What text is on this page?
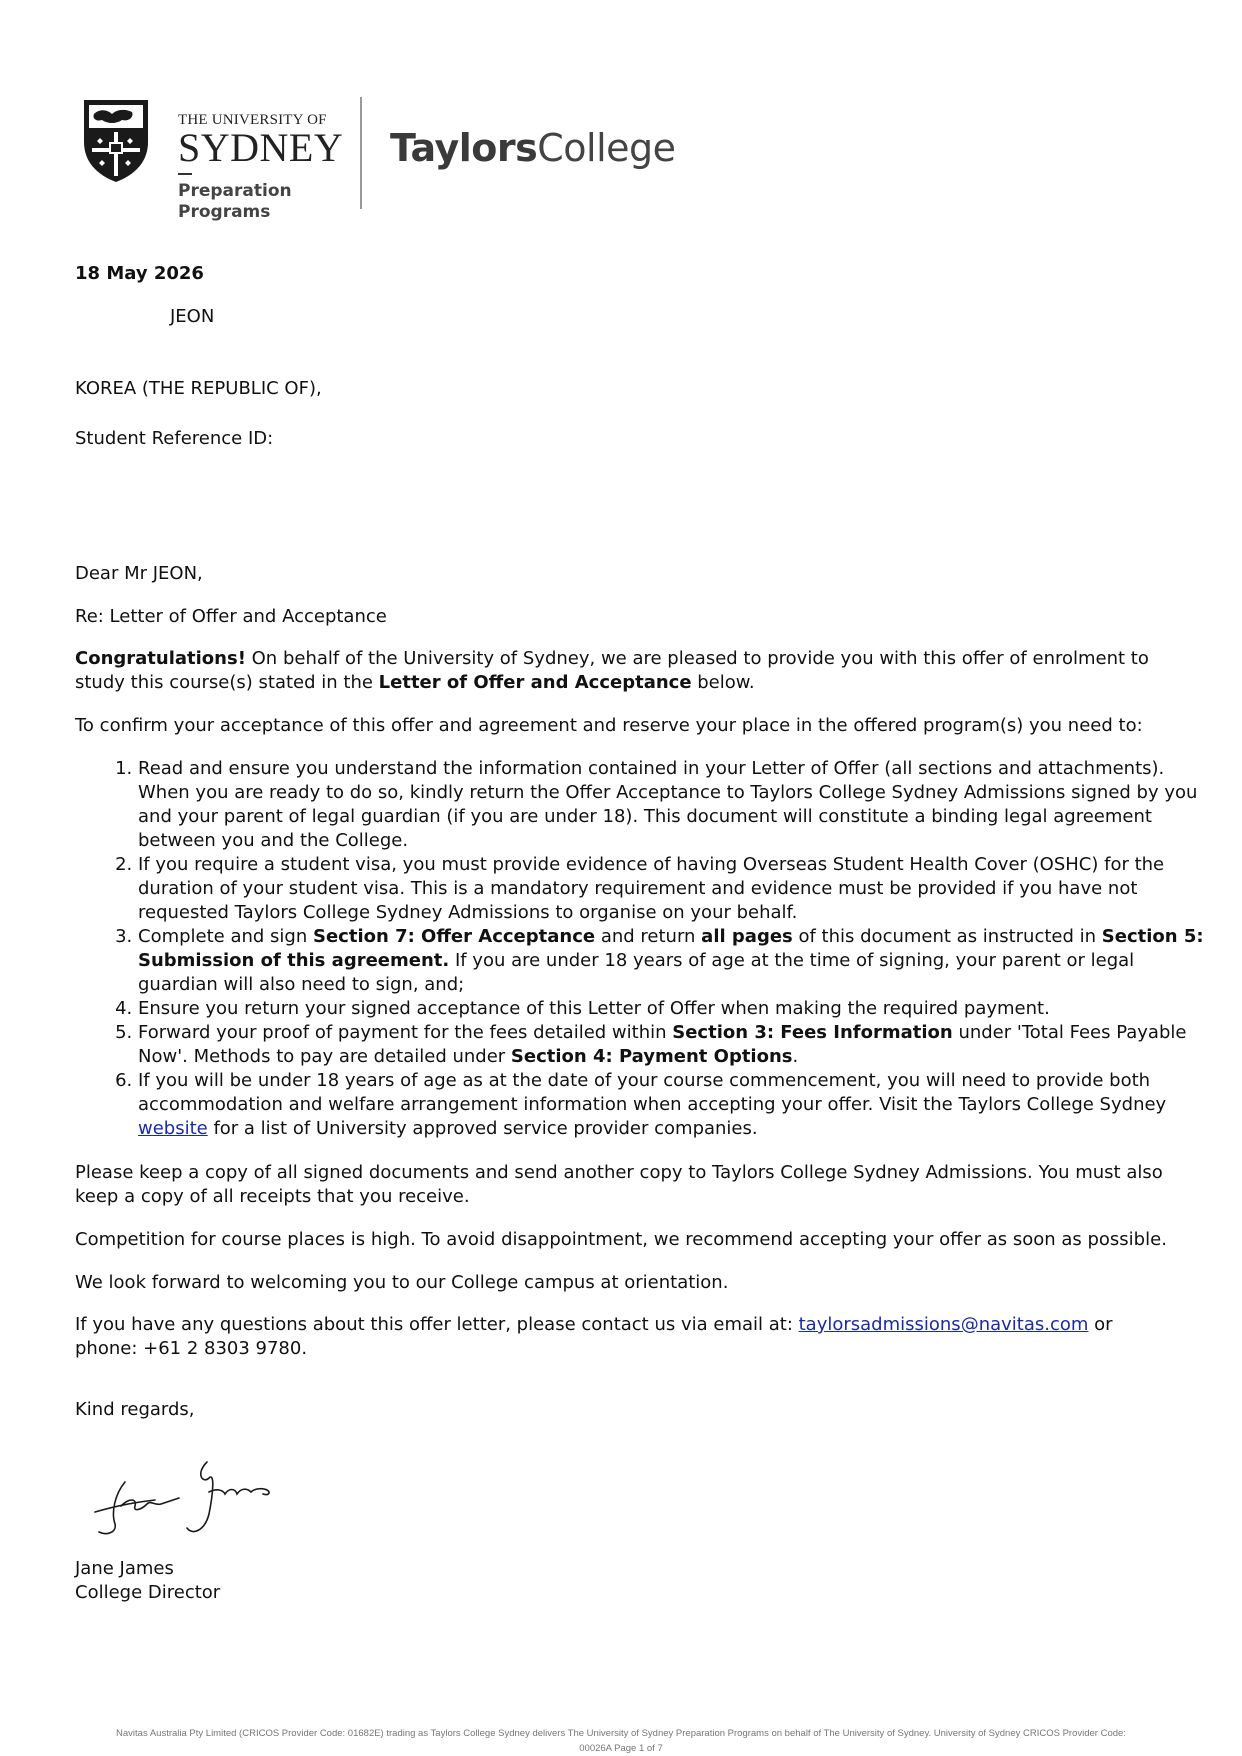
THE UNIVERSITY OF
SYDNEY
Preparation
Programs
TaylorsCollege
18 May 2026
JEON
KOREA (THE REPUBLIC OF),
Student Reference ID:
Dear Mr JEON,
Re: Letter of Offer and Acceptance
Congratulations! On behalf of the University of Sydney, we are pleased to provide you with this offer of enrolment to study this course(s) stated in the Letter of Offer and Acceptance below.
To confirm your acceptance of this offer and agreement and reserve your place in the offered program(s) you need to:
1. Read and ensure you understand the information contained in your Letter of Offer (all sections and attachments). When you are ready to do so, kindly return the Offer Acceptance to Taylors College Sydney Admissions signed by you and your parent of legal guardian (if you are under 18). This document will constitute a binding legal agreement between you and the College.
2. If you require a student visa, you must provide evidence of having Overseas Student Health Cover (OSHC) for the duration of your student visa. This is a mandatory requirement and evidence must be provided if you have not requested Taylors College Sydney Admissions to organise on your behalf.
3. Complete and sign Section 7: Offer Acceptance and return all pages of this document as instructed in Section 5: Submission of this agreement. If you are under 18 years of age at the time of signing, your parent or legal guardian will also need to sign, and;
4. Ensure you return your signed acceptance of this Letter of Offer when making the required payment.
5. Forward your proof of payment for the fees detailed within Section 3: Fees Information under 'Total Fees Payable Now'. Methods to pay are detailed under Section 4: Payment Options.
6. If you will be under 18 years of age as at the date of your course commencement, you will need to provide both accommodation and welfare arrangement information when accepting your offer. Visit the Taylors College Sydney website for a list of University approved service provider companies.
Please keep a copy of all signed documents and send another copy to Taylors College Sydney Admissions. You must also keep a copy of all receipts that you receive.
Competition for course places is high. To avoid disappointment, we recommend accepting your offer as soon as possible.
We look forward to welcoming you to our College campus at orientation.
If you have any questions about this offer letter, please contact us via email at: taylorsadmissions@navitas.com or phone: +61 2 8303 9780.
Kind regards,
Jane James
College Director
Navitas Australia Pty Limited (CRICOS Provider Code: 01682E) trading as Taylors College Sydney delivers The University of Sydney Preparation Programs on behalf of The University of Sydney. University of Sydney CRICOS Provider Code:
00026A Page 1 of 7
